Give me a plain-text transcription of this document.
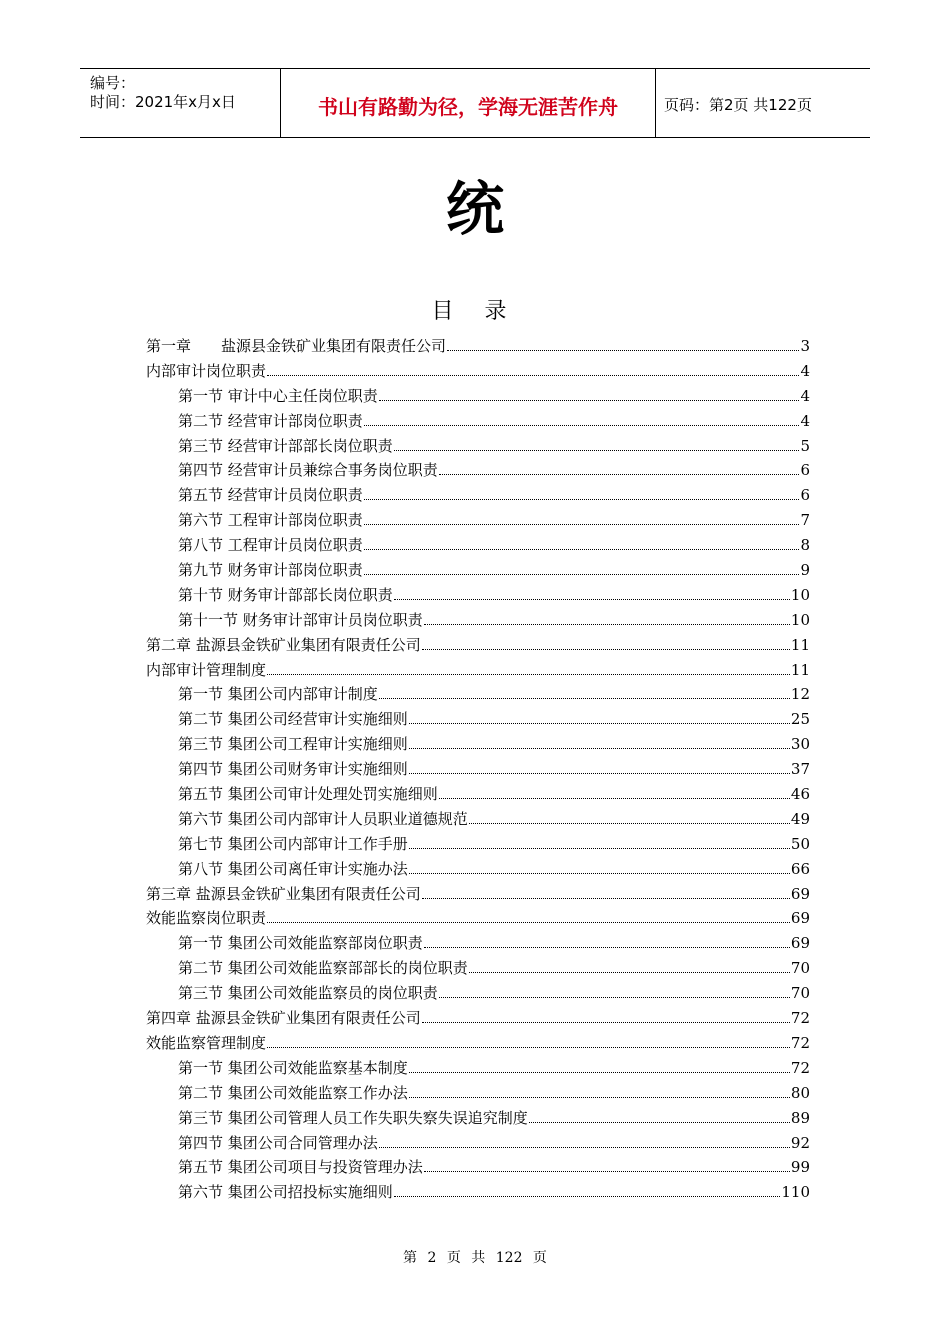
编号：
时间：2021年x月x日	书山有路勤为径，学海无涯苦作舟	页码：第2页 共122页
统
目 录
第一章　　盐源县金铁矿业集团有限责任公司	3
内部审计岗位职责	4
第一节 审计中心主任岗位职责	4
第二节 经营审计部岗位职责	4
第三节 经营审计部部长岗位职责	5
第四节 经营审计员兼综合事务岗位职责	6
第五节 经营审计员岗位职责	6
第六节 工程审计部岗位职责	7
第八节 工程审计员岗位职责	8
第九节 财务审计部岗位职责	9
第十节 财务审计部部长岗位职责	10
第十一节 财务审计部审计员岗位职责	10
第二章 盐源县金铁矿业集团有限责任公司	11
内部审计管理制度	11
第一节 集团公司内部审计制度	12
第二节 集团公司经营审计实施细则	25
第三节 集团公司工程审计实施细则	30
第四节 集团公司财务审计实施细则	37
第五节 集团公司审计处理处罚实施细则	46
第六节 集团公司内部审计人员职业道德规范	49
第七节 集团公司内部审计工作手册	50
第八节 集团公司离任审计实施办法	66
第三章 盐源县金铁矿业集团有限责任公司	69
效能监察岗位职责	69
第一节 集团公司效能监察部岗位职责	69
第二节 集团公司效能监察部部长的岗位职责	70
第三节 集团公司效能监察员的岗位职责	70
第四章 盐源县金铁矿业集团有限责任公司	72
效能监察管理制度	72
第一节 集团公司效能监察基本制度	72
第二节 集团公司效能监察工作办法	80
第三节 集团公司管理人员工作失职失察失误追究制度	89
第四节 集团公司合同管理办法	92
第五节 集团公司项目与投资管理办法	99
第六节 集团公司招投标实施细则	110
第 2 页 共 122 页
